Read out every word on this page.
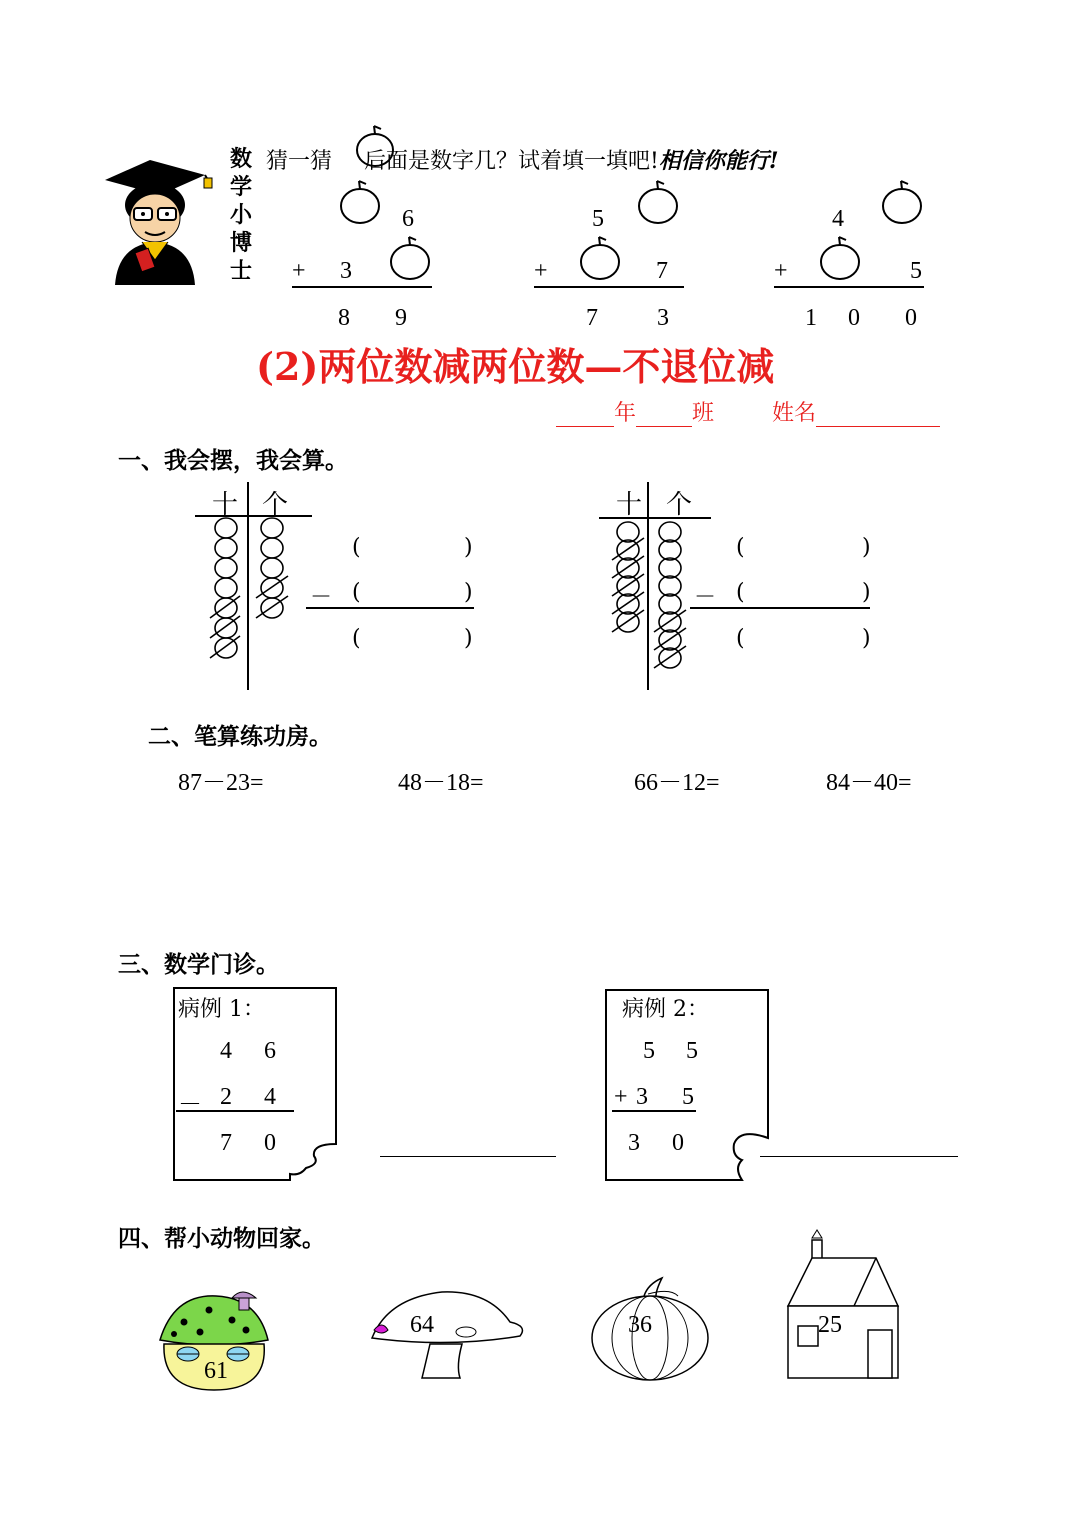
数
学
小
博
士
猜一猜 后面是数字几？试着填一填吧!相信你能行!
6
+ 3
8 9
5
+	7
7 3
4
+	5
1 0 0
(2)两位数减两位数—不退位减
年	班	姓名
一、我会摆，我会算。
十 个
(	)
－ (	)
(	)
十 个
(	)
－ (	)
(	)
二、笔算练功房。
87－23=	48－18=	66－12=	84－40=
三、数学门诊。
病例 1：
4 6
－ 2 4
7 0
病例 2：
5 5
+ 3 5
3 0
四、帮小动物回家。
61
64	36	25
